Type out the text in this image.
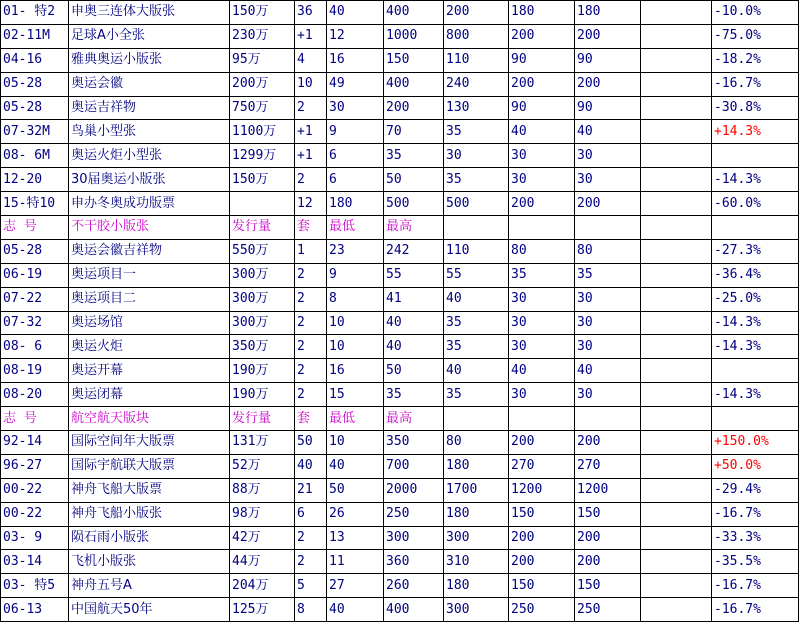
01- 特2	申奥三连体大版张	150万	36	40	400	200	180	180		-10.0%
02-11M	足球A小全张	230万	+1	12	1000	800	200	200		-75.0%
04-16	雅典奥运小版张	95万	4	16	150	110	90	90		-18.2%
05-28	奥运会徽	200万	10	49	400	240	200	200		-16.7%
05-28	奥运吉祥物	750万	2	30	200	130	90	90		-30.8%
07-32M	鸟巢小型张	1100万	+1	9	70	35	40	40		+14.3%
08- 6M	奥运火炬小型张	1299万	+1	6	35	30	30	30		
12-20	30届奥运小版张	150万	2	6	50	35	30	30		-14.3%
15-特10	申办冬奥成功版票		12	180	500	500	200	200		-60.0%
志 号	不干胶小版张	发行量	套	最低	最高					
05-28	奥运会徽吉祥物	550万	1	23	242	110	80	80		-27.3%
06-19	奥运项目一	300万	2	9	55	55	35	35		-36.4%
07-22	奥运项目二	300万	2	8	41	40	30	30		-25.0%
07-32	奥运场馆	300万	2	10	40	35	30	30		-14.3%
08- 6	奥运火炬	350万	2	10	40	35	30	30		-14.3%
08-19	奥运开幕	190万	2	16	50	40	40	40		
08-20	奥运闭幕	190万	2	15	35	35	30	30		-14.3%
志 号	航空航天版块	发行量	套	最低	最高					
92-14	国际空间年大版票	131万	50	10	350	80	200	200		+150.0%
96-27	国际宇航联大版票	52万	40	40	700	180	270	270		+50.0%
00-22	神舟飞船大版票	88万	21	50	2000	1700	1200	1200		-29.4%
00-22	神舟飞船小版张	98万	6	26	250	180	150	150		-16.7%
03- 9	陨石雨小版张	42万	2	13	300	300	200	200		-33.3%
03-14	飞机小版张	44万	2	11	360	310	200	200		-35.5%
03- 特5	神舟五号A	204万	5	27	260	180	150	150		-16.7%
06-13	中国航天50年	125万	8	40	400	300	250	250		-16.7%
